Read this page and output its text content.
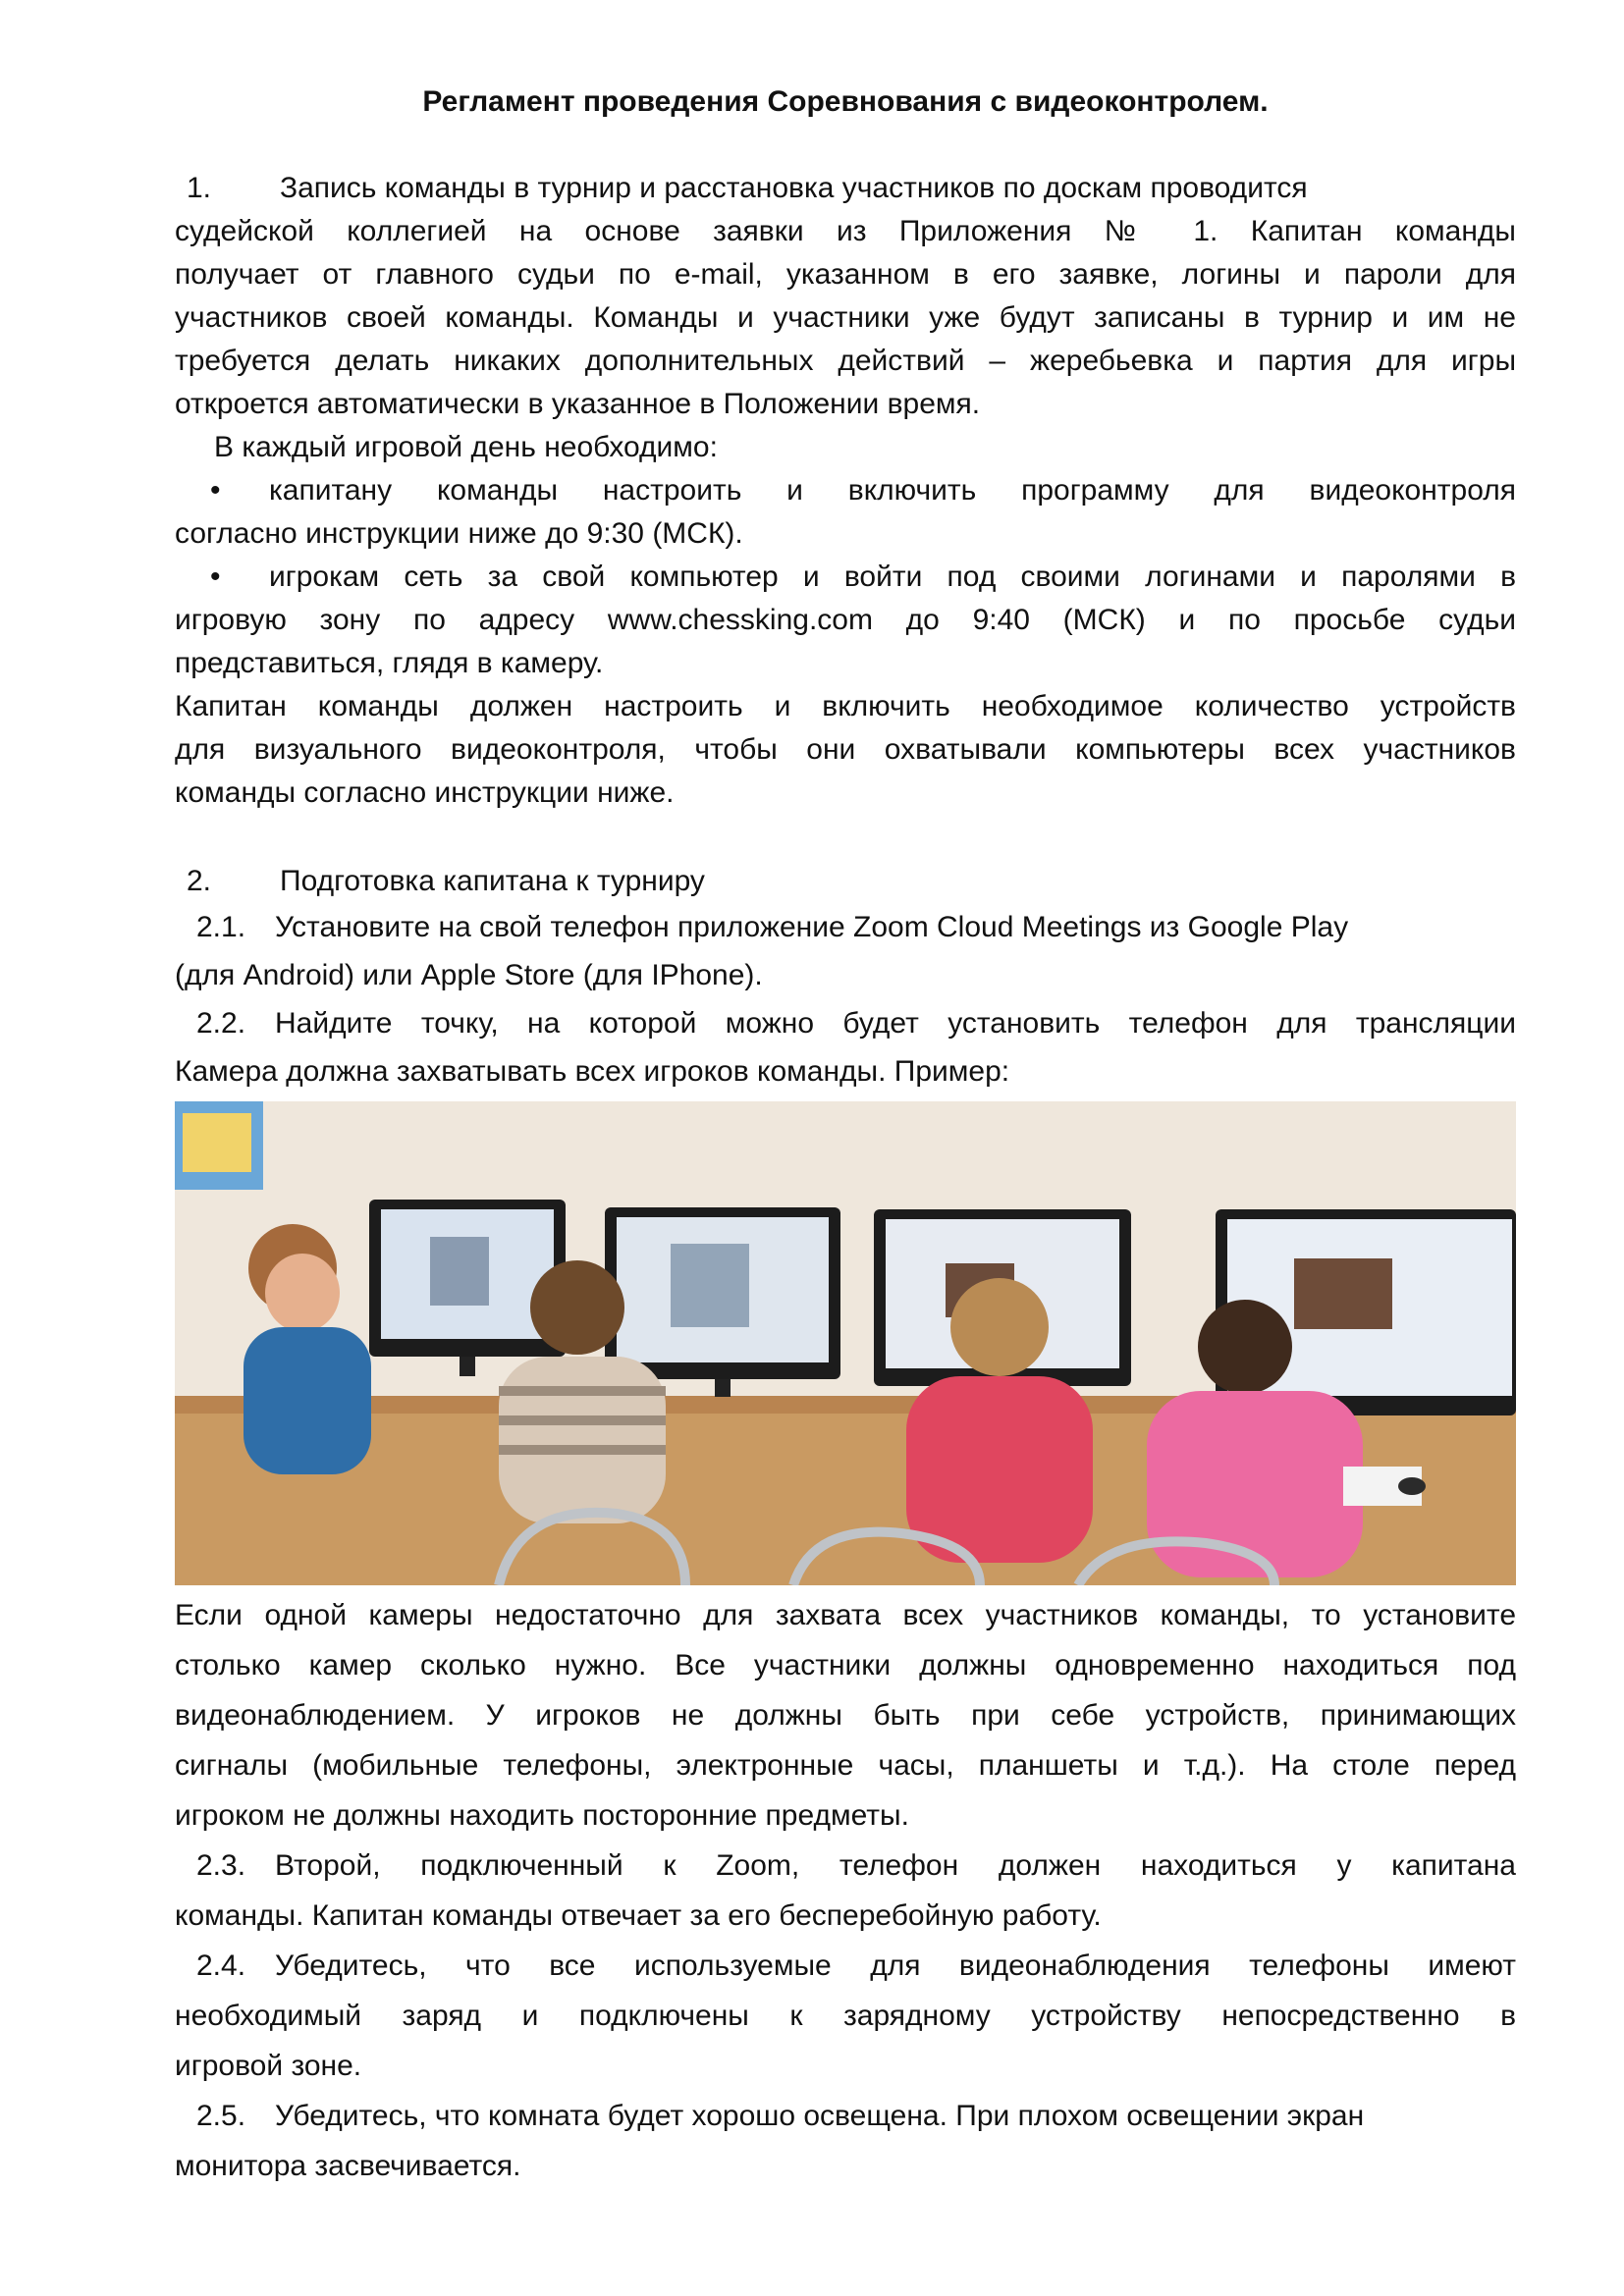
Регламент проведения Соревнования с видеоконтролем.

1. Запись команды в турнир и расстановка участников по доскам проводится

судейской коллегией на основе заявки из Приложения № 1. Капитан команды

получает от главного судьи по e-mail, указанном в его заявке, логины и пароли для

участников своей команды. Команды и участники уже будут записаны в турнир и им не

требуется делать никаких дополнительных действий – жеребьевка и партия для игры

откроется автоматически в указанное в Положении время.

В каждый игровой день необходимо:

• капитану команды настроить и включить программу для видеоконтроля

согласно инструкции ниже до 9:30 (МСК).

• игрокам сеть за свой компьютер и войти под своими логинами и паролями в

игровую зону по адресу www.chessking.com до 9:40 (МСК) и по просьбе судьи

представиться, глядя в камеру.

Капитан команды должен настроить и включить необходимое количество устройств

для визуального видеоконтроля, чтобы они охватывали компьютеры всех участников

команды согласно инструкции ниже.

2. Подготовка капитана к турниру

2.1. Установите на свой телефон приложение Zoom Cloud Meetings из Google Play

(для Android) или Apple Store (для IPhone).

2.2. Найдите точку, на которой можно будет установить телефон для трансляции

Камера должна захватывать всех игроков команды. Пример:

Если одной камеры недостаточно для захвата всех участников команды, то установите

столько камер сколько нужно. Все участники должны одновременно находиться под

видеонаблюдением. У игроков не должны быть при себе устройств, принимающих

сигналы (мобильные телефоны, электронные часы, планшеты и т.д.). На столе перед

игроком не должны находить посторонние предметы.

2.3. Второй, подключенный к Zoom, телефон должен находиться у капитана

команды. Капитан команды отвечает за его бесперебойную работу.

2.4. Убедитесь, что все используемые для видеонаблюдения телефоны имеют

необходимый заряд и подключены к зарядному устройству непосредственно в

игровой зоне.

2.5. Убедитесь, что комната будет хорошо освещена. При плохом освещении экран

монитора засвечивается.
